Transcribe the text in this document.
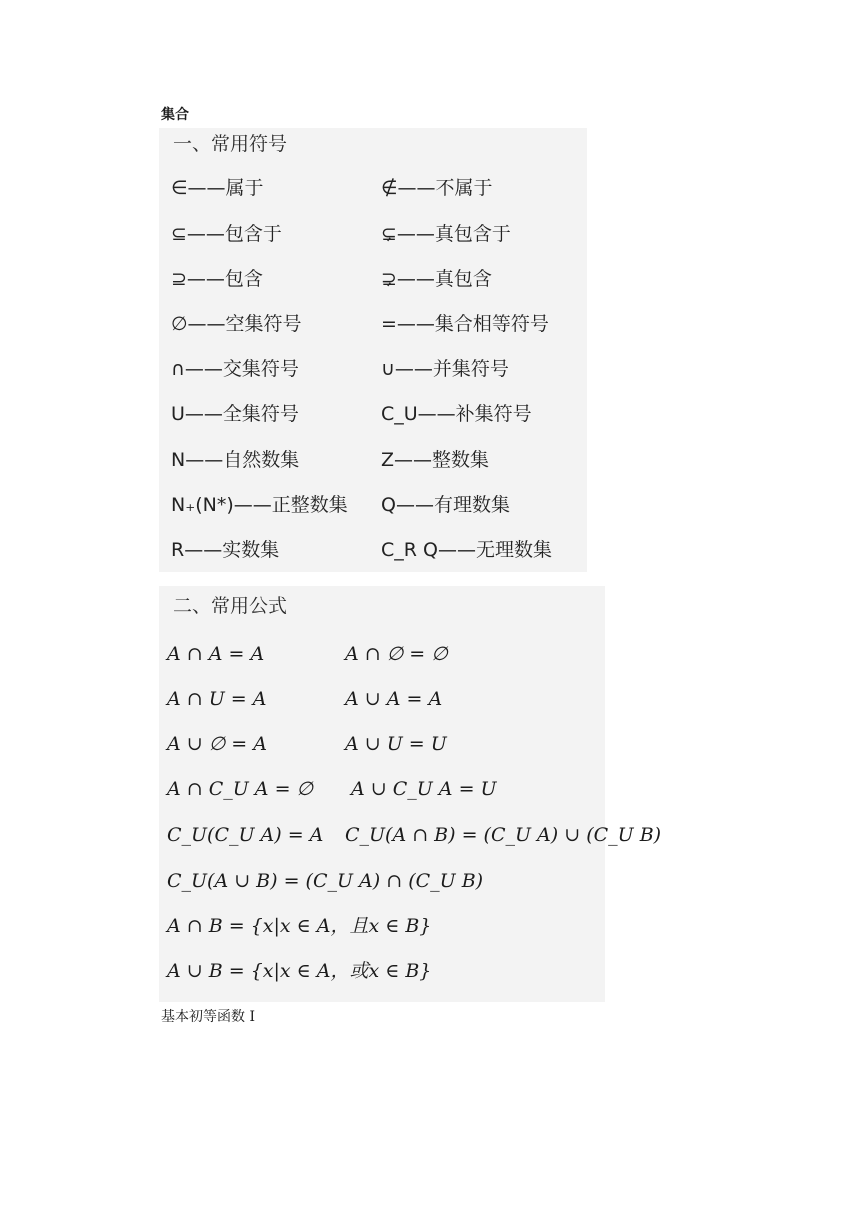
集合
一、常用符号
∈——属于	∉——不属于
⊆——包含于	⊊——真包含于
⊇——包含	⊋——真包含
∅——空集符号	=——集合相等符号
∩——交集符号	∪——并集符号
U——全集符号	C_U——补集符号
N——自然数集	Z——整数集
N₊(N*)——正整数集 Q——有理数集
R——实数集	C_R Q——无理数集
二、常用公式
A ∩ A = A	A ∩ ∅ = ∅
A ∩ U = A	A ∪ A = A
A ∪ ∅ = A	A ∪ U = U
A ∩ C_U A = ∅ A ∪ C_U A = U
C_U(C_U A) = A C_U(A ∩ B) = (C_U A) ∪ (C_U B)
C_U(A ∪ B) = (C_U A) ∩ (C_U B)
A ∩ B = {x|x ∈ A，且x ∈ B}
A ∪ B = {x|x ∈ A，或x ∈ B}
基本初等函数 I
